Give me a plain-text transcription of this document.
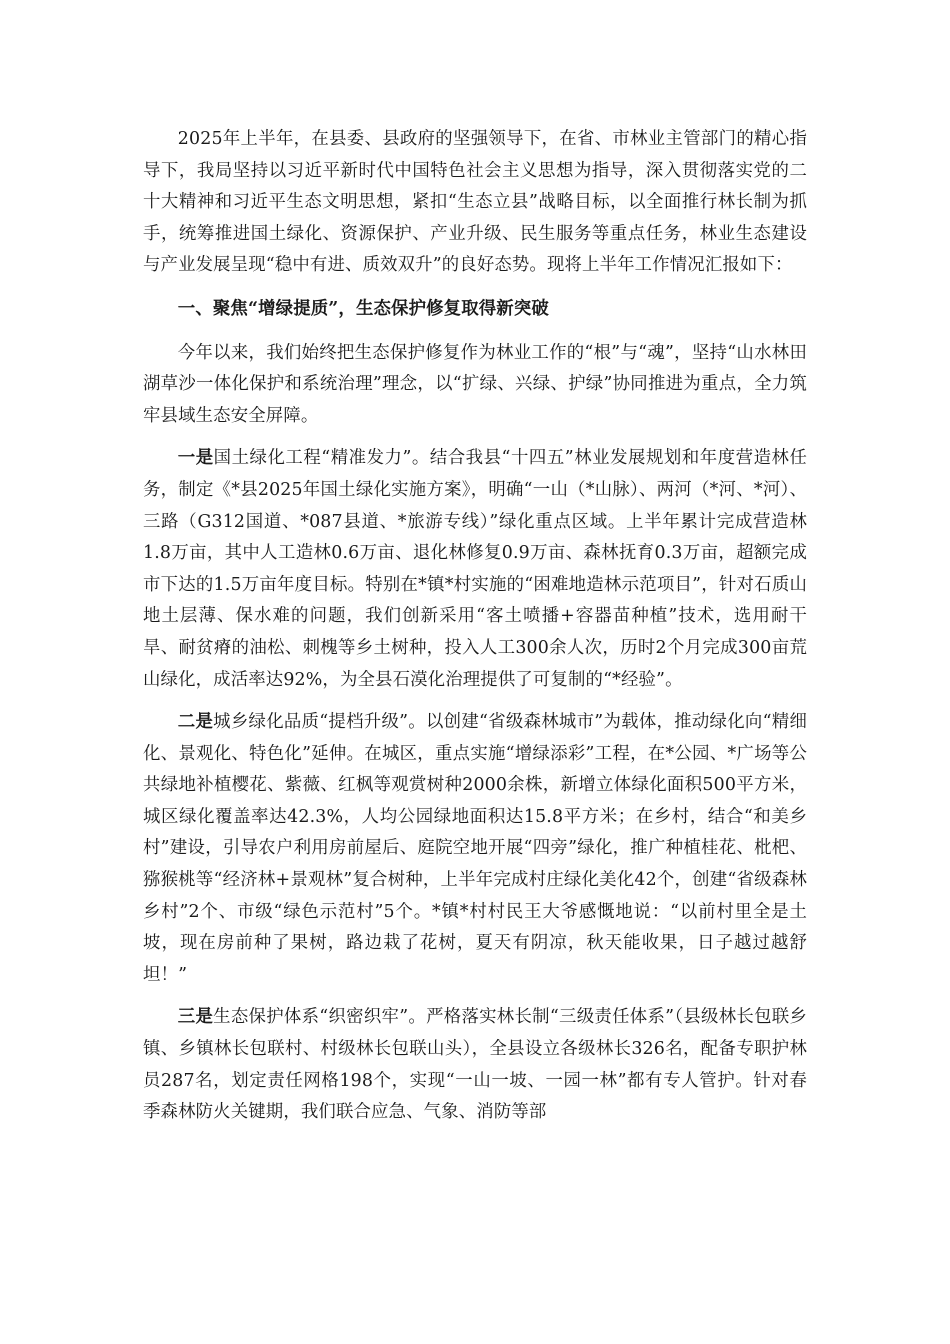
2025年上半年，在县委、县政府的坚强领导下，在省、市林业主管部门的精心指导下，我局坚持以习近平新时代中国特色社会主义思想为指导，深入贯彻落实党的二十大精神和习近平生态文明思想，紧扣“生态立县”战略目标，以全面推行林长制为抓手，统筹推进国土绿化、资源保护、产业升级、民生服务等重点任务，林业生态建设与产业发展呈现“稳中有进、质效双升”的良好态势。现将上半年工作情况汇报如下：

一、聚焦“增绿提质”，生态保护修复取得新突破

今年以来，我们始终把生态保护修复作为林业工作的“根”与“魂”，坚持“山水林田湖草沙一体化保护和系统治理”理念，以“扩绿、兴绿、护绿”协同推进为重点，全力筑牢县域生态安全屏障。

一是国土绿化工程“精准发力”。结合我县“十四五”林业发展规划和年度营造林任务，制定《*县2025年国土绿化实施方案》，明确“一山（*山脉）、两河（*河、*河）、三路（G312国道、*087县道、*旅游专线）”绿化重点区域。上半年累计完成营造林1.8万亩，其中人工造林0.6万亩、退化林修复0.9万亩、森林抚育0.3万亩，超额完成市下达的1.5万亩年度目标。特别在*镇*村实施的“困难地造林示范项目”，针对石质山地土层薄、保水难的问题，我们创新采用“客土喷播+容器苗种植”技术，选用耐干旱、耐贫瘠的油松、刺槐等乡土树种，投入人工300余人次，历时2个月完成300亩荒山绿化，成活率达92%，为全县石漠化治理提供了可复制的“*经验”。

二是城乡绿化品质“提档升级”。以创建“省级森林城市”为载体，推动绿化向“精细化、景观化、特色化”延伸。在城区，重点实施“增绿添彩”工程，在*公园、*广场等公共绿地补植樱花、紫薇、红枫等观赏树种2000余株，新增立体绿化面积500平方米，城区绿化覆盖率达42.3%，人均公园绿地面积达15.8平方米；在乡村，结合“和美乡村”建设，引导农户利用房前屋后、庭院空地开展“四旁”绿化，推广种植桂花、枇杷、猕猴桃等“经济林+景观林”复合树种，上半年完成村庄绿化美化42个，创建“省级森林乡村”2个、市级“绿色示范村”5个。*镇*村村民王大爷感慨地说：“以前村里全是土坡，现在房前种了果树，路边栽了花树，夏天有阴凉，秋天能收果，日子越过越舒坦！”

三是生态保护体系“织密织牢”。严格落实林长制“三级责任体系”（县级林长包联乡镇、乡镇林长包联村、村级林长包联山头），全县设立各级林长326名，配备专职护林员287名，划定责任网格198个，实现“一山一坡、一园一林”都有专人管护。针对春季森林防火关键期，我们联合应急、气象、消防等部
